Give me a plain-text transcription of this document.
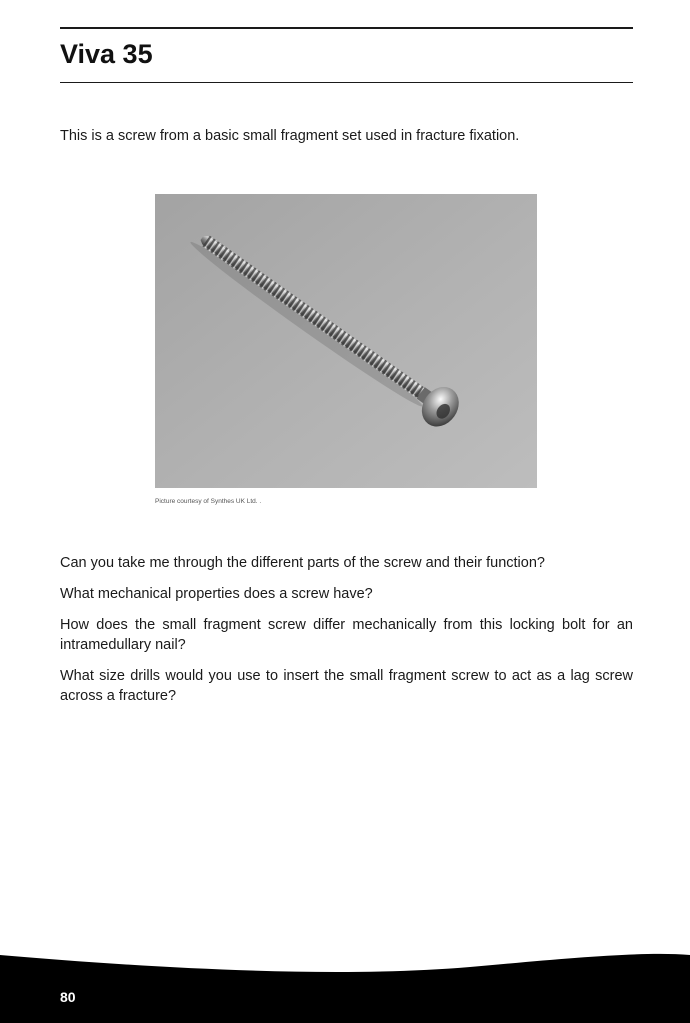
Viva 35

This is a screw from a basic small fragment set used in fracture fixation.

Picture courtesy of Synthes UK Ltd. .

Can you take me through the different parts of the screw and their function?

What mechanical properties does a screw have?

How does the small fragment screw differ mechanically from this locking bolt for an intramedullary nail?

What size drills would you use to insert the small fragment screw to act as a lag screw across a fracture?

80
